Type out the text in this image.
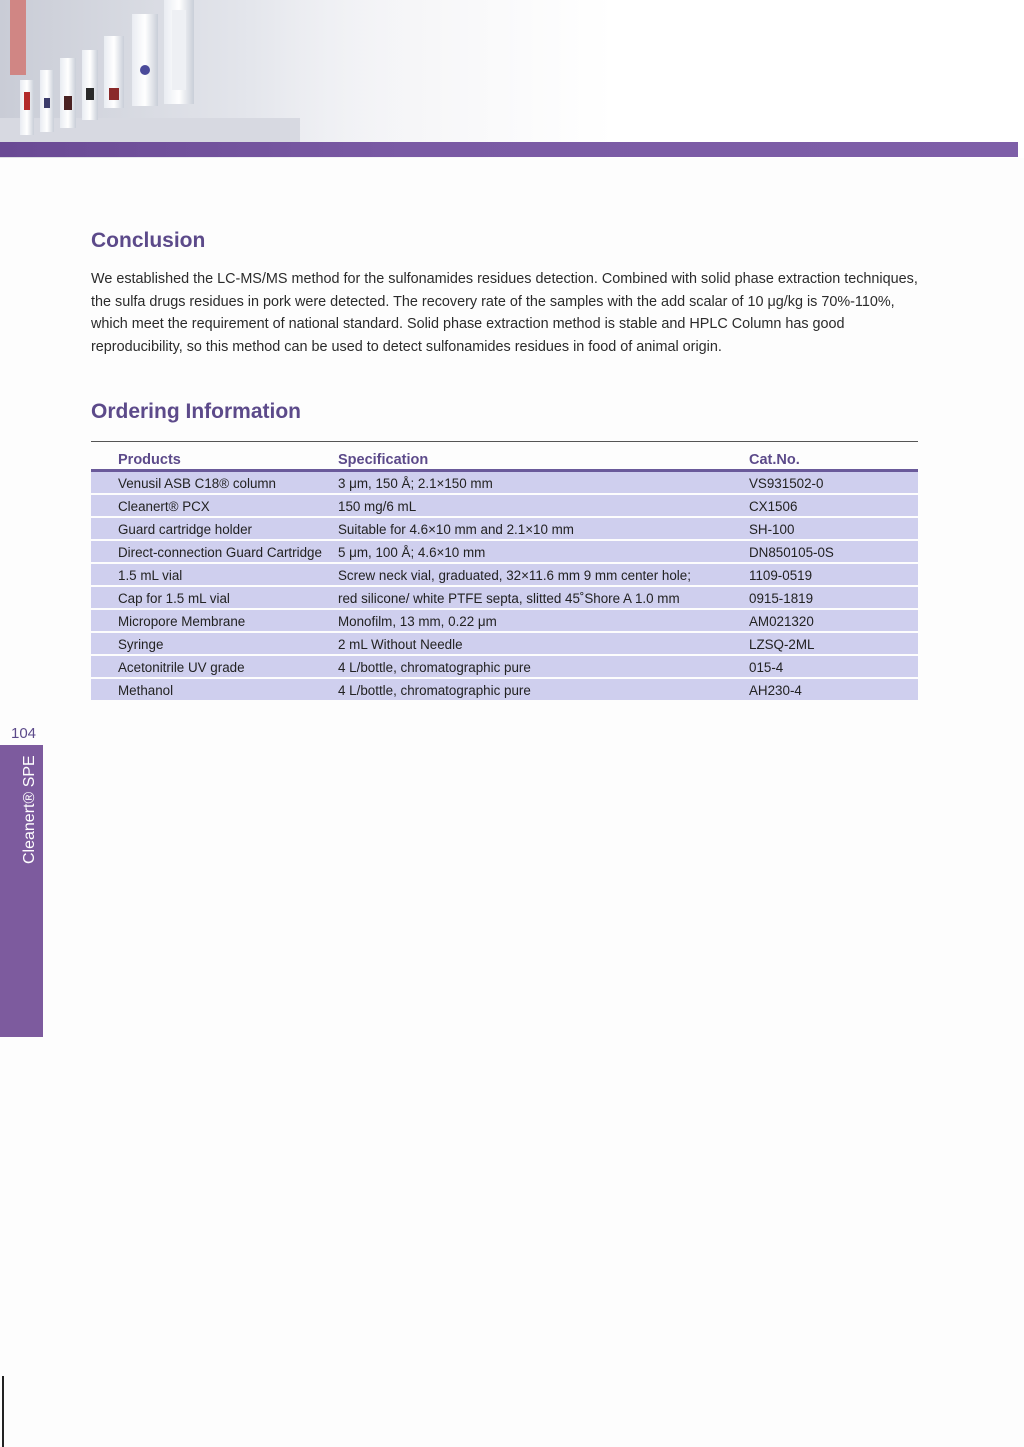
Conclusion

We established the LC-MS/MS method for the sulfonamides residues detection. Combined with solid phase extraction techniques, the sulfa drugs residues in pork were detected. The recovery rate of the samples with the add scalar of 10 μg/kg is 70%-110%, which meet the requirement of national standard. Solid phase extraction method is stable and HPLC Column has good reproducibility, so this method can be used to detect sulfonamides residues in food of animal origin.

Ordering Information
Products	Specification	Cat.No.
Venusil ASB C18® column	3 μm, 150 Å; 2.1×150 mm	VS931502-0
Cleanert® PCX	150 mg/6 mL	CX1506
Guard cartridge holder	Suitable for 4.6×10 mm and 2.1×10 mm	SH-100
Direct-connection Guard Cartridge	5 μm, 100 Å; 4.6×10 mm	DN850105-0S
1.5 mL vial	Screw neck vial, graduated, 32×11.6 mm 9 mm center hole;	1109-0519
Cap for 1.5 mL vial	red silicone/ white PTFE septa, slitted 45˚Shore A 1.0 mm	0915-1819
Micropore Membrane	Monofilm, 13 mm, 0.22 μm	AM021320
Syringe	2 mL Without Needle	LZSQ-2ML
Acetonitrile UV grade	4 L/bottle, chromatographic pure	015-4
Methanol	4 L/bottle, chromatographic pure	AH230-4
104
Cleanert® SPE
